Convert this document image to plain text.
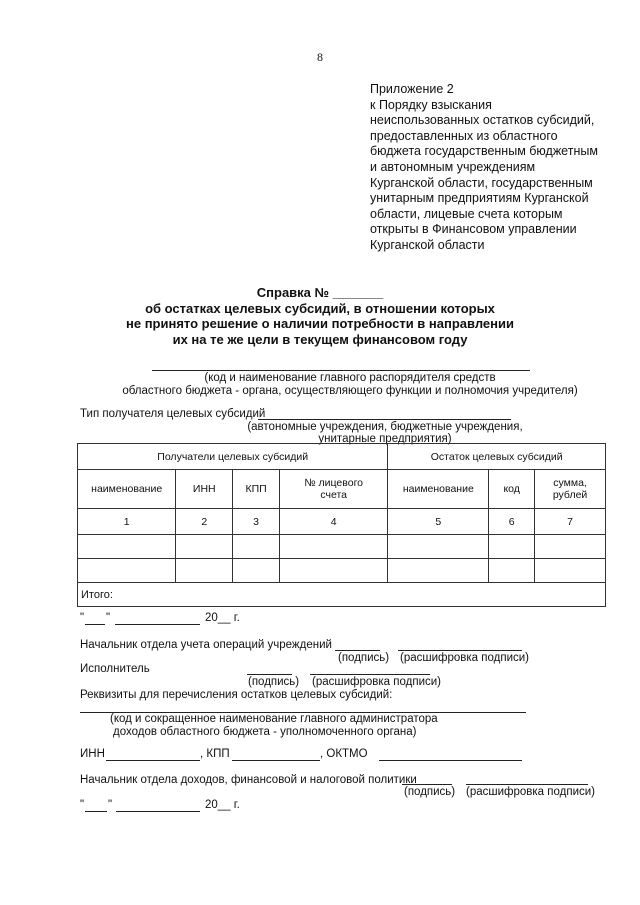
8
Приложение 2
к Порядку взыскания
неиспользованных остатков субсидий,
предоставленных из областного
бюджета государственным бюджетным
и автономным учреждениям
Курганской области, государственным
унитарным предприятиям Курганской
области, лицевые счета которым
открыты в Финансовом управлении
Курганской области
Справка № _______
об остатках целевых субсидий, в отношении которых
не принято решение о наличии потребности в направлении
их на те же цели в текущем финансовом году
(код и наименование главного распорядителя средств
областного бюджета - органа, осуществляющего функции и полномочия учредителя)
Тип получателя целевых субсидий
(автономные учреждения, бюджетные учреждения,
унитарные предприятия)
Получатели целевых субсидий				Остаток целевых субсидий		
наименование	ИНН	КПП	№ лицевого счета	наименование	код	сумма, рублей
1	2	3	4	5	6	7

Итого:						
" "	20__ г.
Начальник отдела учета операций учреждений
(подпись) (расшифровка подписи)
Исполнитель
(подпись) (расшифровка подписи)
Реквизиты для перечисления остатков целевых субсидий:
(код и сокращенное наименование главного администратора
доходов областного бюджета - уполномоченного органа)
ИНН	, КПП	, ОКТМО
Начальник отдела доходов, финансовой и налоговой политики
(подпись) (расшифровка подписи)
" "	20__ г.
